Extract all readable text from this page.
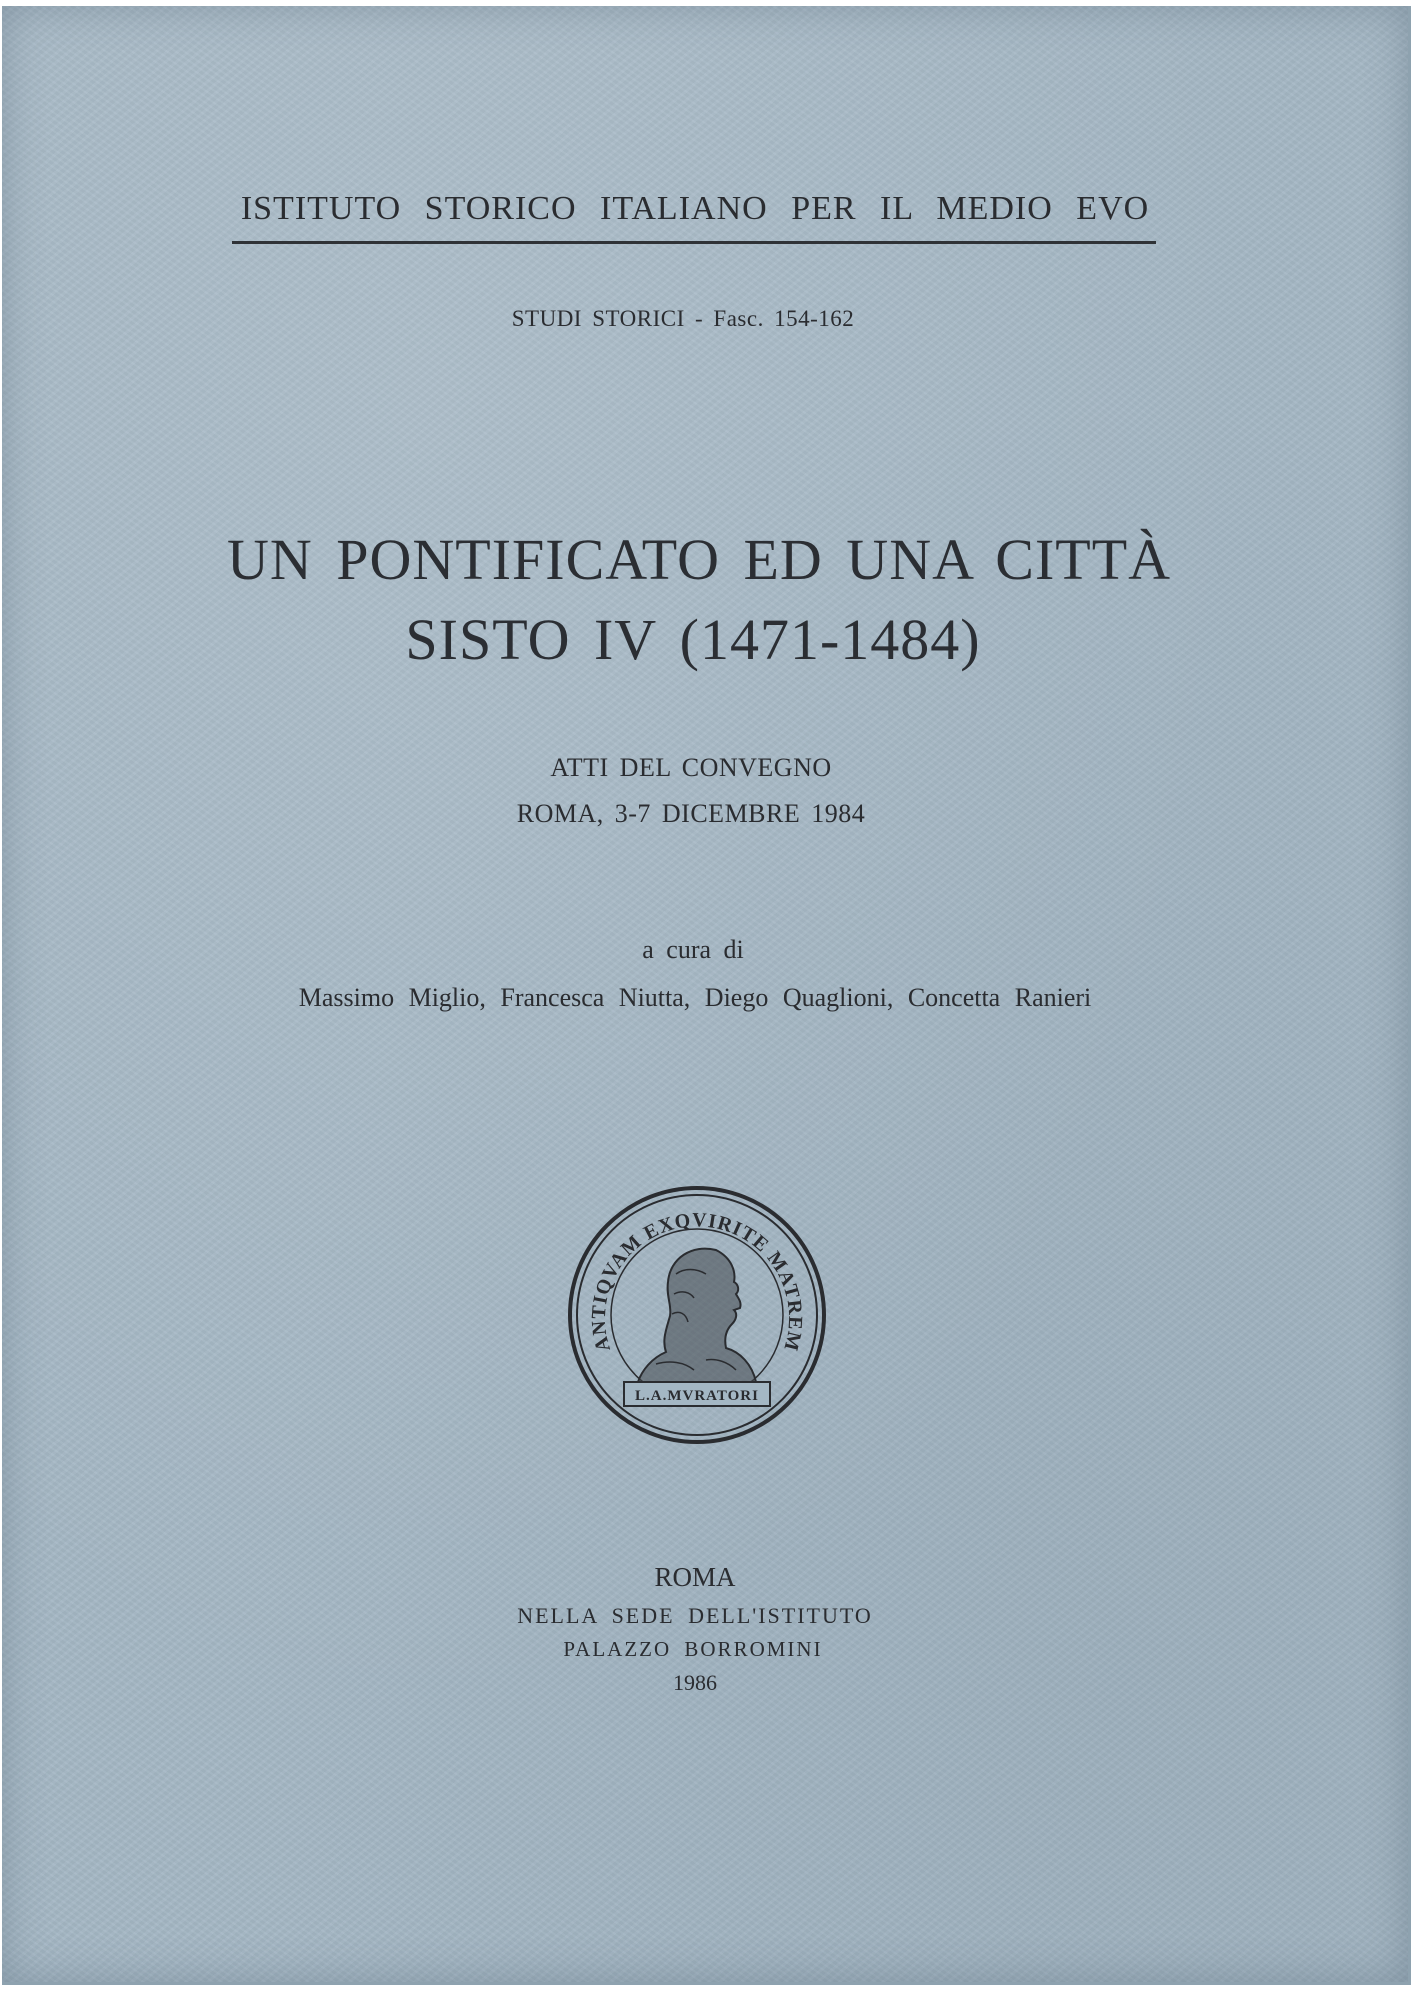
ISTITUTO STORICO ITALIANO PER IL MEDIO EVO
STUDI STORICI - Fasc. 154-162
UN PONTIFICATO ED UNA CITTÀ
SISTO IV (1471-1484)
ATTI DEL CONVEGNO
ROMA, 3-7 DICEMBRE 1984
a cura di
Massimo Miglio, Francesca Niutta, Diego Quaglioni, Concetta Ranieri
ANTIQVAM EXQVIRITE MATREM
L.A.MVRATORI
ROMA
NELLA SEDE DELL'ISTITUTO
PALAZZO BORROMINI
1986
